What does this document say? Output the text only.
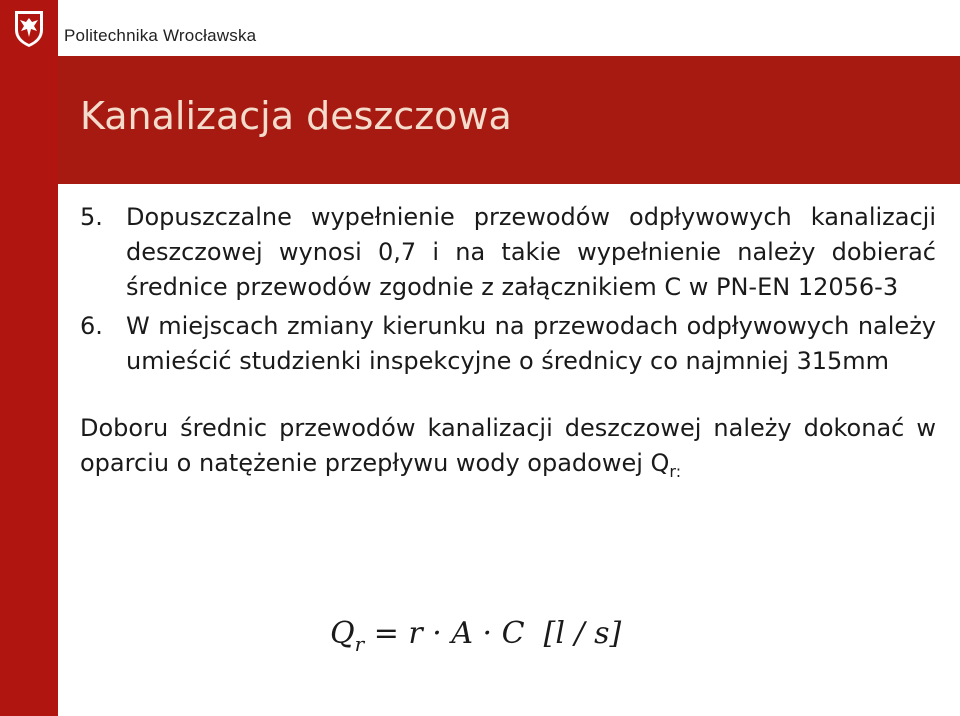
Politechnika Wrocławska
Kanalizacja deszczowa

5. Dopuszczalne wypełnienie przewodów odpływowych kanalizacji deszczowej wynosi 0,7 i na takie wypełnienie należy dobierać średnice przewodów zgodnie z załącznikiem C w PN-EN 12056-3

6. W miejscach zmiany kierunku na przewodach odpływowych należy umieścić studzienki inspekcyjne o średnicy co najmniej 315mm

Doboru średnic przewodów kanalizacji deszczowej należy dokonać w oparciu o natężenie przepływu wody opadowej $Q_{r:}$

$Q_r = r \cdot A \cdot C$ [l / s]
